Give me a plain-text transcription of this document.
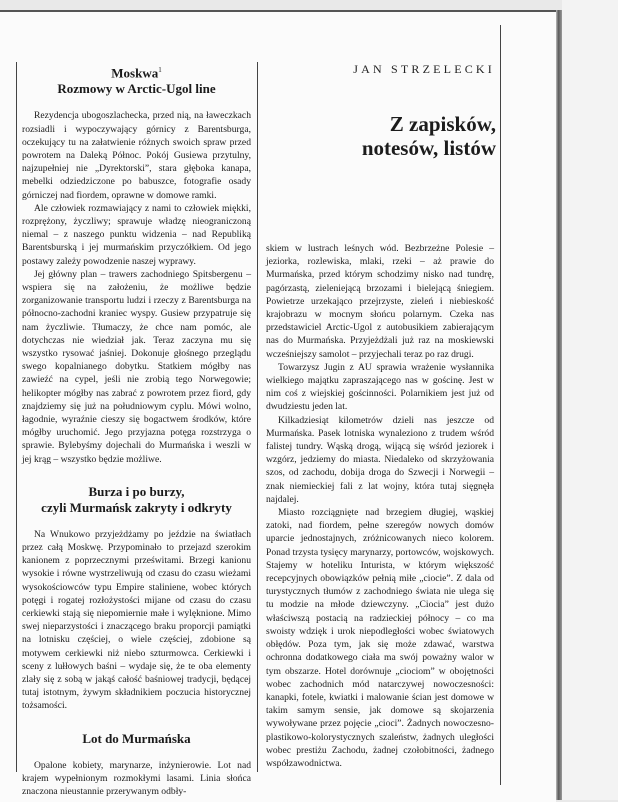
JAN STRZELECKI
Z zapisków,
notesów, listów
Moskwa$^1$
Rozmowy w Arctic-Ugol line

Rezydencja ubogoszlachecka, przed nią, na ławeczkach rozsiadli i wypoczywający górnicy z Barentsburga, oczekujący tu na załatwienie różnych swoich spraw przed powrotem na Daleką Północ. Pokój Gusiewa przytulny, najzupełniej nie „Dyrektorski”, stara głęboka kanapa, mebelki odziedziczone po babuszce, fotografie osady górniczej nad fiordem, oprawne w domowe ramki.

Ale człowiek rozmawiający z nami to człowiek miękki, rozprężony, życzliwy; sprawuje władzę nieograniczoną niemal – z naszego punktu widzenia – nad Republiką Barentsburską i jej murmańskim przyczółkiem. Od jego postawy zależy powodzenie naszej wyprawy.

Jej główny plan – trawers zachodniego Spitsbergenu – wspiera się na założeniu, że możliwe będzie zorganizowanie transportu ludzi i rzeczy z Barentsburga na północno-zachodni kraniec wyspy. Gusiew przypatruje się nam życzliwie. Tłumaczy, że chce nam pomóc, ale dotychczas nie wiedział jak. Teraz zaczyna mu się wszystko rysować jaśniej. Dokonuje głośnego przeglądu swego kopalnianego dobytku. Statkiem mógłby nas zawieźć na cypel, jeśli nie zrobią tego Norwegowie; helikopter mógłby nas zabrać z powrotem przez fiord, gdy znajdziemy się już na południowym cyplu. Mówi wolno, łagodnie, wyraźnie cieszy się bogactwem środków, które mógłby uruchomić. Jego przyjazna potęga rozstrzyga o sprawie. Bylebyśmy dojechali do Murmańska i weszli w jej krąg – wszystko będzie możliwe.

Burza i po burzy,
czyli Murmańsk zakryty i odkryty

Na Wnukowo przyjeżdżamy po jeździe na światłach przez całą Moskwę. Przypominało to przejazd szerokim kanionem z poprzecznymi prześwitami. Brzegi kanionu wysokie i równe wystrzeliwują od czasu do czasu wieżami wysokościowców typu Empire staliniene, wobec których potęgi i rogatej rozłożystości mijane od czasu do czasu cerkiewki stają się niepomiernie małe i wylęknione. Mimo swej nieparzystości i znaczącego braku proporcji pamiątki na lotnisku częściej, o wiele częściej, zdobione są motywem cerkiewki niż niebo szturmowca. Cerkiewki i sceny z lułłowych baśni – wydaje się, że te oba elementy zlały się z sobą w jakąś całość baśniowej tradycji, będącej tutaj istotnym, żywym składnikiem poczucia historycznej tożsamości.

Lot do Murmańska

Opalone kobiety, marynarze, inżynierowie. Lot nad krajem wypełnionym rozmokłymi lasami. Linia słońca znaczona nieustannie przerywanym odbły-

skiem w lustrach leśnych wód. Bezbrzeżne Polesie – jeziorka, rozlewiska, mlaki, rzeki – aż prawie do Murmańska, przed którym schodzimy nisko nad tundrę, pagórzastą, zieleniejącą brzozami i bielejącą śniegiem. Powietrze urzekająco przejrzyste, zieleń i niebieskość krajobrazu w mocnym słońcu polarnym. Czeka nas przedstawiciel Arctic-Ugol z autobusikiem zabierającym nas do Murmańska. Przyjeżdżali już raz na moskiewski wcześniejszy samolot – przyjechali teraz po raz drugi.

Towarzysz Jugin z AU sprawia wrażenie wysłannika wielkiego majątku zapraszającego nas w gościnę. Jest w nim coś z wiejskiej gościnności. Polarnikiem jest już od dwudziestu jeden lat.

Kilkadziesiąt kilometrów dzieli nas jeszcze od Murmańska. Pasek lotniska wynaleziono z trudem wśród falistej tundry. Wąską drogą, wijącą się wśród jeziorek i wzgórz, jedziemy do miasta. Niedaleko od skrzyżowania szos, od zachodu, dobija droga do Szwecji i Norwegii – znak niemieckiej fali z lat wojny, która tutaj sięgnęła najdalej.

Miasto rozciągnięte nad brzegiem długiej, wąskiej zatoki, nad fiordem, pełne szeregów nowych domów uparcie jednostajnych, zróżnicowanych nieco kolorem. Ponad trzysta tysięcy marynarzy, portowców, wojskowych. Stajemy w hoteliku Inturista, w którym większość recepcyjnych obowiązków pełnią miłe „ciocie”. Z dala od turystycznych tłumów z zachodniego świata nie ulega się tu modzie na młode dziewczyny. „Ciocia” jest dużo właściwszą postacią na radzieckiej północy – co ma swoisty wdzięk i urok niepodległości wobec światowych obłędów. Poza tym, jak się może zdawać, warstwa ochronna dodatkowego ciała ma swój poważny walor w tym obszarze. Hotel dorównuje „ciociom” w obojętności wobec zachodnich mód natarczywej nowoczesności: kanapki, fotele, kwiatki i malowanie ścian jest domowe w takim samym sensie, jak domowe są skojarzenia wywoływane przez pojęcie „cioci”. Żadnych nowoczesno-plastikowo-kolorystycznych szaleństw, żadnych uległości wobec prestiżu Zachodu, żadnej czołobitności, żadnego współzawodnictwa.
